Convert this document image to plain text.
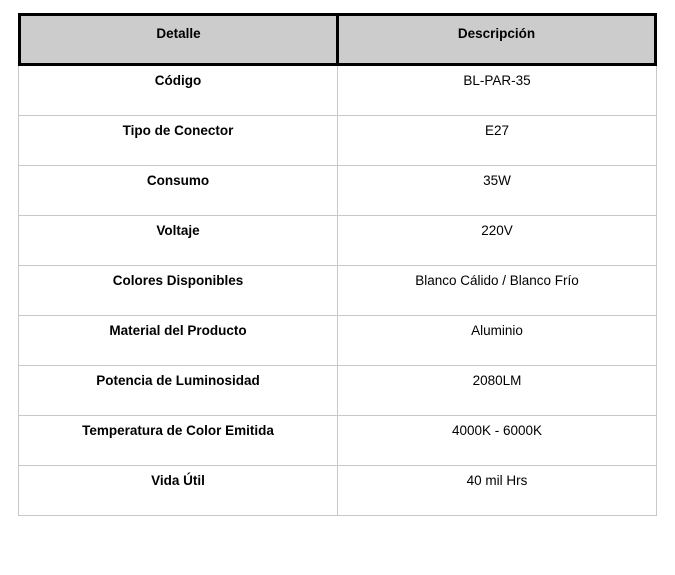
Detalle	Descripción
Código	BL-PAR-35
Tipo de Conector	E27
Consumo	35W
Voltaje	220V
Colores Disponibles	Blanco Cálido / Blanco Frío
Material del Producto	Aluminio
Potencia de Luminosidad	2080LM
Temperatura de Color Emitida	4000K - 6000K
Vida Útil	40 mil Hrs
